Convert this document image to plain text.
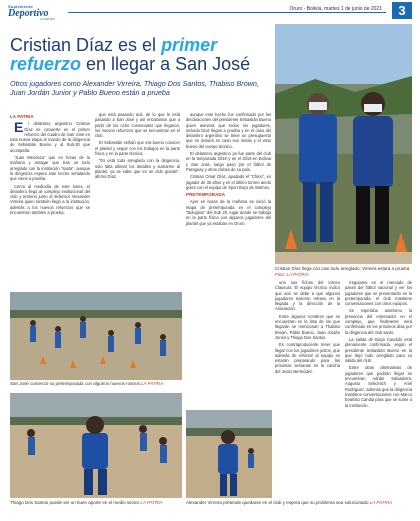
Suplemento
Deportivo
LA PATRIA
Oruro - Bolivia, martes 1 de junio de 2021	3
Cristian Díaz es el primer
refuerzo en llegar a San José
Otros jugadores como Alexander Virreira, Thiago Dos Santos, Thabiso Brown, Juan Jordán Junior y Pablo Bueno están a prueba
Cristian Díaz llega con casi todo arreglado; Virreira estará a prueba Foto: LA PATRIA

LA PATRIA

E l delantero argentino Cristian Díaz se convierte en el primer refuerzo del cuadro de San José en esta nueva etapa al mando de la dirigencia de Sebastián Bueno y al Sub-30 que acompaña.

“Juan Mendoza” que en horas de la mañana y amagar que tras un todo arreglado con la institución “santa”, aunque la dirigencia espera este hecho señalando que viene a prueba.

Cerca al mediodía de este lunes, el delantero llegó al complejo institucional del club y entrenó junto al defensor Alexander Virreira quien también llegó a la institución, además a los nuevos refuerzos que se encuentran también a prueba.

que está pasando acá, de lo que le está pasando a San José y así encaramos que a partir de los ocho convocados que llegaron, los nuevos refuerzos que se encuentran en el club.

El Sebastián señaló que era bueno conocer el plantel y seguir con los trabajos en la parte física y en la parte técnica.

“Es está todo arreglado con la dirigencia, solo falta ultimar los detalles y sumarme al plantel, ya se sabe que es un club grande”, afirmó Díaz.

aunque este hecho fue confirmado por las declaraciones del presidente Sebastián Bueno quien asevera que todos los jugadores, incluido Díaz llegan a prueba y en el caso del delantero argentino se tiene un presupuesto que se incluirá en caso sus metas y el visto bueno del cuerpo técnico.

El delantero argentino ya fue parte del club en la temporada 2018 y en el 2019 en Bolivia y San José, luego pasó por el fútbol de Paraguay y otros clubes de su país.

Cristian Omar Díaz, apodado el “Chino”, es jugador de 30 años y en el último torneo anotó goles con el equipo de Sport Boys de Warnes.

PRETEMPORADA

Ayer en horas de la mañana se inició la etapa de pretemporada en el complejo “Bolognini” del Sub 20, lugar donde se trabajó en la parte física con algunos jugadores del plantel que ya estaban en Oruro.

una sus fichas del torneo Clausura. El equipo técnico indicó que aún se debe a que algunos jugadores tuvieron retraso en la llegada y la dirección de la Asociación.

Entre algunos nombres que se encuentran en la lista de los que llegarán se mencionan a Thabiso Brown, Pablo Bueno, Juan Jordán Junior y Thiago Dos Santos.

Es contraproducente tener que llegar con los jugadores justos, que además de reforzar al equipo se estarán preparando para las próximas semanas en la cancha del Jesús Bermúdez.

rregulares en el mercado de pases del fútbol nacional y ver los jugadores que se presentarán en la pretemporada, el club mantiene conversaciones con otros equipos.

Se esperaba asimismo la presencia del entrenador en el complejo, que finalmente será confirmado en los próximos días por la dirigencia del club santo.

La salida de Borja Candidó está plenamente confirmada, según el presidente Sebastián Bueno en la que dejó todo arreglado para su salida del club.

Entre otras alternativas de jugadores que podrían llegar se encuentran Adrián Salvatierra, Augusto Seleznich y Ariel Rodríguez, además que la dirigencia mantiene conversaciones con Marco Evaristo Candia para que se sume a la institución.

San José comenzó su pretemporada con algunos nuevos rostros LA PATRIA
Thiago Dos Santos puede ser un buen aporte en el medio sector LA PATRIA	Alexander Virreira pretende quedarse en el club y espera que su problema sea solucionado LA PATRIA
